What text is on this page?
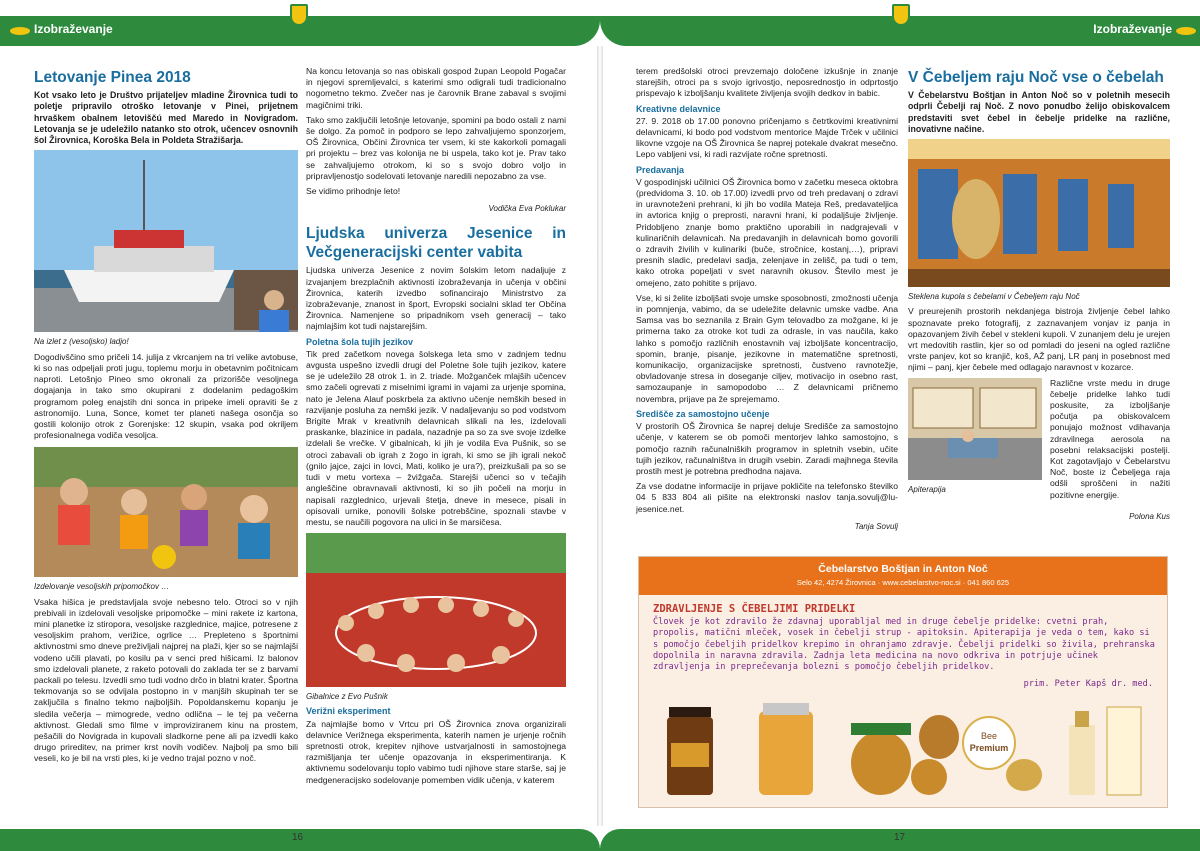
Izobraževanje	Izobraževanje
Letovanje Pinea 2018

Kot vsako leto je Društvo prijateljev mladine Žirovnica tudi to poletje pripravilo otroško letovanje v Pinei, prijetnem hrvaškem obalnem letoviščú med Maredo in Novigradom. Letovanja se je udeležilo natanko sto otrok, učencev osnovnih šol Žirovnica, Koroška Bela in Poldeta Stražišarja.

Na izlet z (vesoljsko) ladjo!

Dogodivščino smo pričeli 14. julija z vkrcanjem na tri velike avtobuse, ki so nas odpeljali proti jugu, toplemu morju in obetavnim počitnicam naproti. Letošnjo Pineo smo okronali za prizorišče vesoljnega dogajanja in tako smo okupirani z dodelanim pedagoškim programom poleg enajstih dni sonca in pripeke imeli opraviti še z astronomijo. Luna, Sonce, komet ter planeti našega osončja so gostili kolonijo otrok z Gorenjske: 12 skupin, vsaka pod okriljem profesionalnega vodiča vesoljca.

Izdelovanje vesoljskih pripomočkov …

Vsaka hišica je predstavljala svoje nebesno telo. Otroci so v njih prebivali in izdelovali vesoljske pripomočke – mini rakete iz kartona, mini planetke iz stiropora, vesoljske razglednice, majice, potresene z vesoljskim prahom, verižice, ogrlice … Prepleteno s športnimi aktivnostmi smo dneve preživljali najprej na plaži, kjer so se najmlajši vodeno učili plavati, po kosilu pa v senci pred hišicami. Iz balonov smo izdelovali planete, z raketo potovali do zaklada ter se z barvami packali po telesu. Izvedli smo tudi vodno drčo in blatni krater. Športna tekmovanja so se odvijala postopno in v manjših skupinah ter se zaključila s finalno tekmo najboljših. Popoldanskemu kopanju je sledila večerja – mimogrede, vedno odlična – le tej pa večerna aktivnost. Gledali smo filme v improviziranem kinu na prostem, pešačili do Novigrada in kupovali sladkorne pene ali pa izvedli kako drugo prireditev, na primer krst novih vodičev. Najbolj pa smo bili veseli, ko je bil na vrsti ples, ki je vedno trajal pozno v noč.

Na koncu letovanja so nas obiskali gospod župan Leopold Pogačar in njegovi spremljevalci, s katerimi smo odigrali tudi tradicionalno nogometno tekmo. Zvečer nas je čarovnik Brane zabaval s svojimi magičnimi triki.

Tako smo zaključili letošnje letovanje, spomini pa bodo ostali z nami še dolgo. Za pomoč in podporo se lepo zahvaljujemo sponzorjem, OŠ Žirovnica, Občini Žirovnica ter vsem, ki ste kakorkoli pomagali pri projektu – brez vas kolonija ne bi uspela, tako kot je. Prav tako se zahvaljujemo otrokom, ki so s svojo dobro voljo in pripravljenostjo sodelovati letovanje naredili nepozabno za vse.

Se vidimo prihodnje leto!

Vodička Eva Poklukar

Ljudska univerza Jesenice in Večgeneracijski center vabita

Ljudska univerza Jesenice z novim šolskim letom nadaljuje z izvajanjem brezplačnih aktivnosti izobraževanja in učenja v občini Žirovnica, katerih izvedbo sofinancirajo Ministrstvo za izobraževanje, znanost in šport, Evropski socialni sklad ter Občina Žirovnica. Namenjene so pripadnikom vseh generacij – tako najmlajšim kot tudi najstarejšim.

Poletna šola tujih jezikov

Tik pred začetkom novega šolskega leta smo v zadnjem tednu avgusta uspešno izvedli drugi del Poletne šole tujih jezikov, katere se je udeležilo 28 otrok 1. in 2. triade. Možganček mlajših učencev smo začeli ogrevati z miselnimi igrami in vajami za urjenje spomina, nato je Jelena Alauf poskrbela za aktivno učenje nemških besed in razvijanje posluha za nemški jezik. V nadaljevanju so pod vodstvom Brigite Mrak v kreativnih delavnicah slikali na les, izdelovali praskanke, blazinice in padala, nazadnje pa so za sve svoje izdelke izdelali še vrečke. V gibalnicah, ki jih je vodila Eva Pušnik, so se otroci zabavali ob igrah z žogo in igrah, ki smo se jih igrali nekoč (gnilo jajce, zajci in lovci, Mati, koliko je ura?), preizkušali pa so se tudi v metu vortexa – žvižgača. Starejši učenci so v tečajih angleščine obravnavali aktivnosti, ki so jih počeli na morju in napisali razglednico, urjevali štetja, dneve in mesece, pisali in opisovali urnike, ponovili šolske potrebščine, spoznali stavbe v mestu, se naučili pogovora na ulici in še marsičesa.

Gibalnice z Evo Pušnik

Verižni eksperiment

Za najmlajše bomo v Vrtcu pri OŠ Žirovnica znova organizirali delavnice Verižnega eksperimenta, katerih namen je urjenje ročnih spretnosti otrok, krepitev njihove ustvarjalnosti in samostojnega razmišljanja ter učenje opazovanja in eksperimentiranja. K aktivnemu sodelovanju toplo vabimo tudi njihove stare starše, saj je medgeneracijsko sodelovanje pomemben vidik učenja, v katerem

terem predšolski otroci prevzemajo določene izkušnje in znanje starejših, otroci pa s svojo igrivostjo, neposrednostjo in odprtostjo prispevajo k izboljšanju kvalitete življenja svojih dedkov in babic.

Kreativne delavnice

27. 9. 2018 ob 17.00 ponovno pričenjamo s četrtkovimi kreativnimi delavnicami, ki bodo pod vodstvom mentorice Majde Trček v učilnici likovne vzgoje na OŠ Žirovnica še naprej potekale dvakrat mesečno. Lepo vabljeni vsi, ki radi razvijate ročne spretnosti.

Predavanja

V gospodinjski učilnici OŠ Žirovnica bomo v začetku meseca oktobra (predvidoma 3. 10. ob 17.00) izvedli prvo od treh predavanj o zdravi in uravnoteženi prehrani, ki jih bo vodila Mateja Reš, predavateljica in avtorica knjig o preprosti, naravni hrani, ki podaljšuje življenje. Pridobljeno znanje bomo praktično uporabili in nadgrajevali v kulinaričnih delavnicah. Na predavanjih in delavnicah bomo govorili o zdravih živilih v kulinariki (buče, stročnice, kostanj,…), pripravi presnih sladic, predelavi sadja, zelenjave in zelišč, pa tudi o tem, kako otroka popeljati v svet naravnih okusov. Število mest je omejeno, zato pohitite s prijavo.

Vse, ki si želite izboljšati svoje umske sposobnosti, zmožnosti učenja in pomnjenja, vabimo, da se udeležite delavnic umske vadbe. Ana Samsa vas bo seznanila z Brain Gym telovadbo za možgane, ki je primerna tako za otroke kot tudi za odrasle, in vas naučila, kako lahko s pomočjo različnih enostavnih vaj izboljšate koncentracijo, spomin, branje, pisanje, jezikovne in matematične spretnosti, komunikacijo, organizacijske spretnosti, čustveno ravnotežje, obvladovanje stresa in doseganje ciljev, motivacijo in osebno rast, samozaupanje in samopodobo … Z delavnicami pričnemo novembra, prijave pa že sprejemamo.

Središče za samostojno učenje

V prostorih OŠ Žirovnica še naprej deluje Središče za samostojno učenje, v katerem se ob pomoči mentorjev lahko samostojno, s pomočjo raznih računalniških programov in spletnih vsebin, učite tujih jezikov, računalništva in drugih vsebin. Zaradi majhnega števila prostih mest je potrebna predhodna najava.

Za vse dodatne informacije in prijave pokličite na telefonsko številko 04 5 833 804 ali pišite na elektronski naslov tanja.sovulj@lu-jesenice.net.

Tanja Sovulj

V Čebeljem raju Noč vse o čebelah

V Čebelarstvu Boštjan in Anton Noč so v poletnih mesecih odprli Čebelji raj Noč. Z novo ponudbo želijo obiskovalcem predstaviti svet čebel in čebelje pridelke na različne, inovativne načine.

Steklena kupola s čebelami v Čebeljem raju Noč

V preurejenih prostorih nekdanjega bistroja življenje čebel lahko spoznavate preko fotografij, z zaznavanjem vonjav iz panja in opazovanjem živih čebel v stekleni kupoli. V zunanjem delu je urejen vrt medovitih rastlin, kjer so od pomladi do jeseni na ogled različne vrste panjev, kot so kranjič, koš, AŽ panj, LR panj in posebnost med njimi – panj, kjer čebele med odlagajo naravnost v kozarce.

Apiterapija

Različne vrste medu in druge čebelje pridelke lahko tudi poskusite, za izboljšanje počutja pa obiskovalcem ponujajo možnost vdihavanja zdravilnega aerosola na posebni relaksacijski postelji. Kot zagotavljajo v Čebelarstvu Noč, boste iz Čebeljega raja odšli sproščeni in nažiti pozitivne energije.

Polona Kus

Čebelarstvo Boštjan in Anton Noč
Selo 42, 4274 Žirovnica · www.cebelarstvo-noc.si · 041 860 625
ZDRAVLJENJE S ČEBELJIMI PRIDELKI
Človek je kot zdravilo že zdavnaj uporabljal med in druge čebelje pridelke: cvetni prah, propolis, matični mleček, vosek in čebelji strup - apitoksin. Apiterapija je veda o tem, kako si s pomočjo čebeljih pridelkov krepimo in ohranjamo zdravje. Čebelji pridelki so živila, prehranska dopolnila in naravna zdravila. Zadnja leta medicina na novo odkriva in potrjuje učinek zdravljenja in preprečevanja bolezni s pomočjo čebeljih pridelkov.
prim. Peter Kapš dr. med.
Bee
Premium
16	17
